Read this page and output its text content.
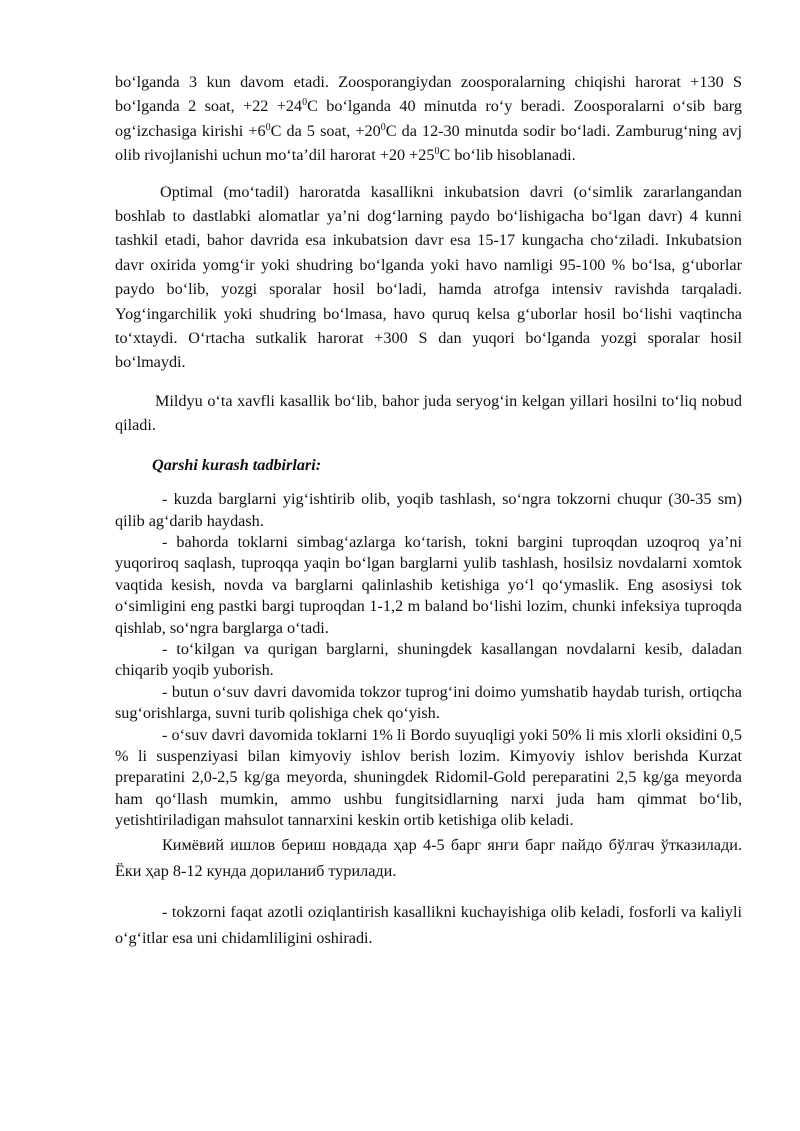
bo‘lganda 3 kun davom etadi. Zoosporangiydan zoosporalarning chiqishi harorat +130 S bo‘lganda 2 soat, $+22 +24^0C$ bo‘lganda 40 minutda ro‘y beradi. Zoosporalarni o‘sib barg og‘izchasiga kirishi $+6^0C$ da 5 soat, $+20^0C$ da 12-30 minutda sodir bo‘ladi. Zamburug‘ning avj olib rivojlanishi uchun mo‘ta’dil harorat $+20 +25^0C$ bo‘lib hisoblanadi.

Optimal (mo‘tadil) haroratda kasallikni inkubatsion davri (o‘simlik zararlangandan boshlab to dastlabki alomatlar ya’ni dog‘larning paydo bo‘lishigacha bo‘lgan davr) 4 kunni tashkil etadi, bahor davrida esa inkubatsion davr esa 15-17 kungacha cho‘ziladi. Inkubatsion davr oxirida yomg‘ir yoki shudring bo‘lganda yoki havo namligi 95-100 % bo‘lsa, g‘uborlar paydo bo‘lib, yozgi sporalar hosil bo‘ladi, hamda atrofga intensiv ravishda tarqaladi. Yog‘ingarchilik yoki shudring bo‘lmasa, havo quruq kelsa g‘uborlar hosil bo‘lishi vaqtincha to‘xtaydi. O‘rtacha sutkalik harorat +300 S dan yuqori bo‘lganda yozgi sporalar hosil bo‘lmaydi.

Mildyu o‘ta xavfli kasallik bo‘lib, bahor juda seryog‘in kelgan yillari hosilni to‘liq nobud qiladi.

Qarshi kurash tadbirlari:

- kuzda barglarni yig‘ishtirib olib, yoqib tashlash, so‘ngra tokzorni chuqur (30-35 sm) qilib ag‘darib haydash.

- bahorda toklarni simbag‘azlarga ko‘tarish, tokni bargini tuproqdan uzoqroq ya’ni yuqoriroq saqlash, tuproqqa yaqin bo‘lgan barglarni yulib tashlash, hosilsiz novdalarni xomtok vaqtida kesish, novda va barglarni qalinlashib ketishiga yo‘l qo‘ymaslik. Eng asosiysi tok o‘simligini eng pastki bargi tuproqdan 1-1,2 m baland bo‘lishi lozim, chunki infeksiya tuproqda qishlab, so‘ngra barglarga o‘tadi.

- to‘kilgan va qurigan barglarni, shuningdek kasallangan novdalarni kesib, daladan chiqarib yoqib yuborish.

- butun o‘suv davri davomida tokzor tuprog‘ini doimo yumshatib haydab turish, ortiqcha sug‘orishlarga, suvni turib qolishiga chek qo‘yish.

- o‘suv davri davomida toklarni 1% li Bordo suyuqligi yoki 50% li mis xlorli oksidini 0,5 % li suspenziyasi bilan kimyoviy ishlov berish lozim. Kimyoviy ishlov berishda Kurzat preparatini 2,0-2,5 kg/ga meyorda, shuningdek Ridomil-Gold pereparatini 2,5 kg/ga meyorda ham qo‘llash mumkin, ammo ushbu fungitsidlarning narxi juda ham qimmat bo‘lib, yetishtiriladigan mahsulot tannarxini keskin ortib ketishiga olib keladi.

Кимёвий ишлов бериш новдада ҳар 4-5 барг янги барг пайдо бўлгач ўтказилади. Ёки ҳар 8-12 кунда дориланиб турилади.

- tokzorni faqat azotli oziqlantirish kasallikni kuchayishiga olib keladi, fosforli va kaliyli o‘g‘itlar esa uni chidamliligini oshiradi.
